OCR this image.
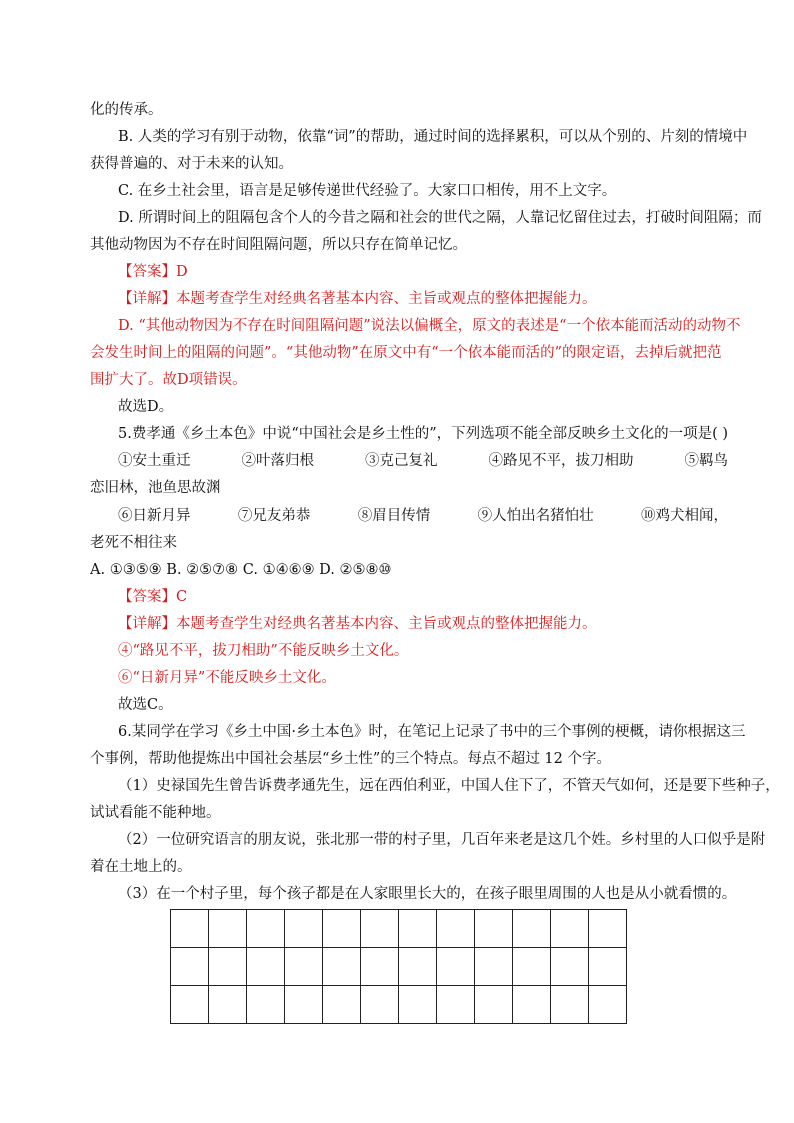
化的传承。
B. 人类的学习有别于动物，依靠“词”的帮助，通过时间的选择累积，可以从个别的、片刻的情境中
获得普遍的、对于未来的认知。
C. 在乡土社会里，语言是足够传递世代经验了。大家口口相传，用不上文字。
D. 所谓时间上的阻隔包含个人的今昔之隔和社会的世代之隔，人靠记忆留住过去，打破时间阻隔；而
其他动物因为不存在时间阻隔问题，所以只存在简单记忆。
【答案】D
【详解】本题考查学生对经典名著基本内容、主旨或观点的整体把握能力。
D. “其他动物因为不存在时间阻隔问题”说法以偏概全，原文的表述是“一个依本能而活动的动物不
会发生时间上的阻隔的问题”。“其他动物”在原文中有“一个依本能而活的”的限定语，去掉后就把范
围扩大了。故D项错误。
故选D。
5.费孝通《乡土本色》中说“中国社会是乡土性的”，下列选项不能全部反映乡土文化的一项是( )
①安土重迁	②叶落归根	③克己复礼	④路见不平，拔刀相助	⑤羁鸟
恋旧林，池鱼思故渊
⑥日新月异	⑦兄友弟恭	⑧眉目传情	⑨人怕出名猪怕壮	⑩鸡犬相闻，
老死不相往来
A. ①③⑤⑨ B. ②⑤⑦⑧ C. ①④⑥⑨ D. ②⑤⑧⑩
【答案】C
【详解】本题考查学生对经典名著基本内容、主旨或观点的整体把握能力。
④“路见不平，拔刀相助”不能反映乡土文化。
⑥“日新月异”不能反映乡土文化。
故选C。
6.某同学在学习《乡土中国·乡土本色》时，在笔记上记录了书中的三个事例的梗概，请你根据这三
个事例，帮助他提炼出中国社会基层“乡土性”的三个特点。每点不超过 12 个字。
（1）史禄国先生曾告诉费孝通先生，远在西伯利亚，中国人住下了，不管天气如何，还是要下些种子，
试试看能不能种地。
（2）一位研究语言的朋友说，张北那一带的村子里，几百年来老是这几个姓。乡村里的人口似乎是附
着在土地上的。
（3）在一个村子里，每个孩子都是在人家眼里长大的，在孩子眼里周围的人也是从小就看惯的。
